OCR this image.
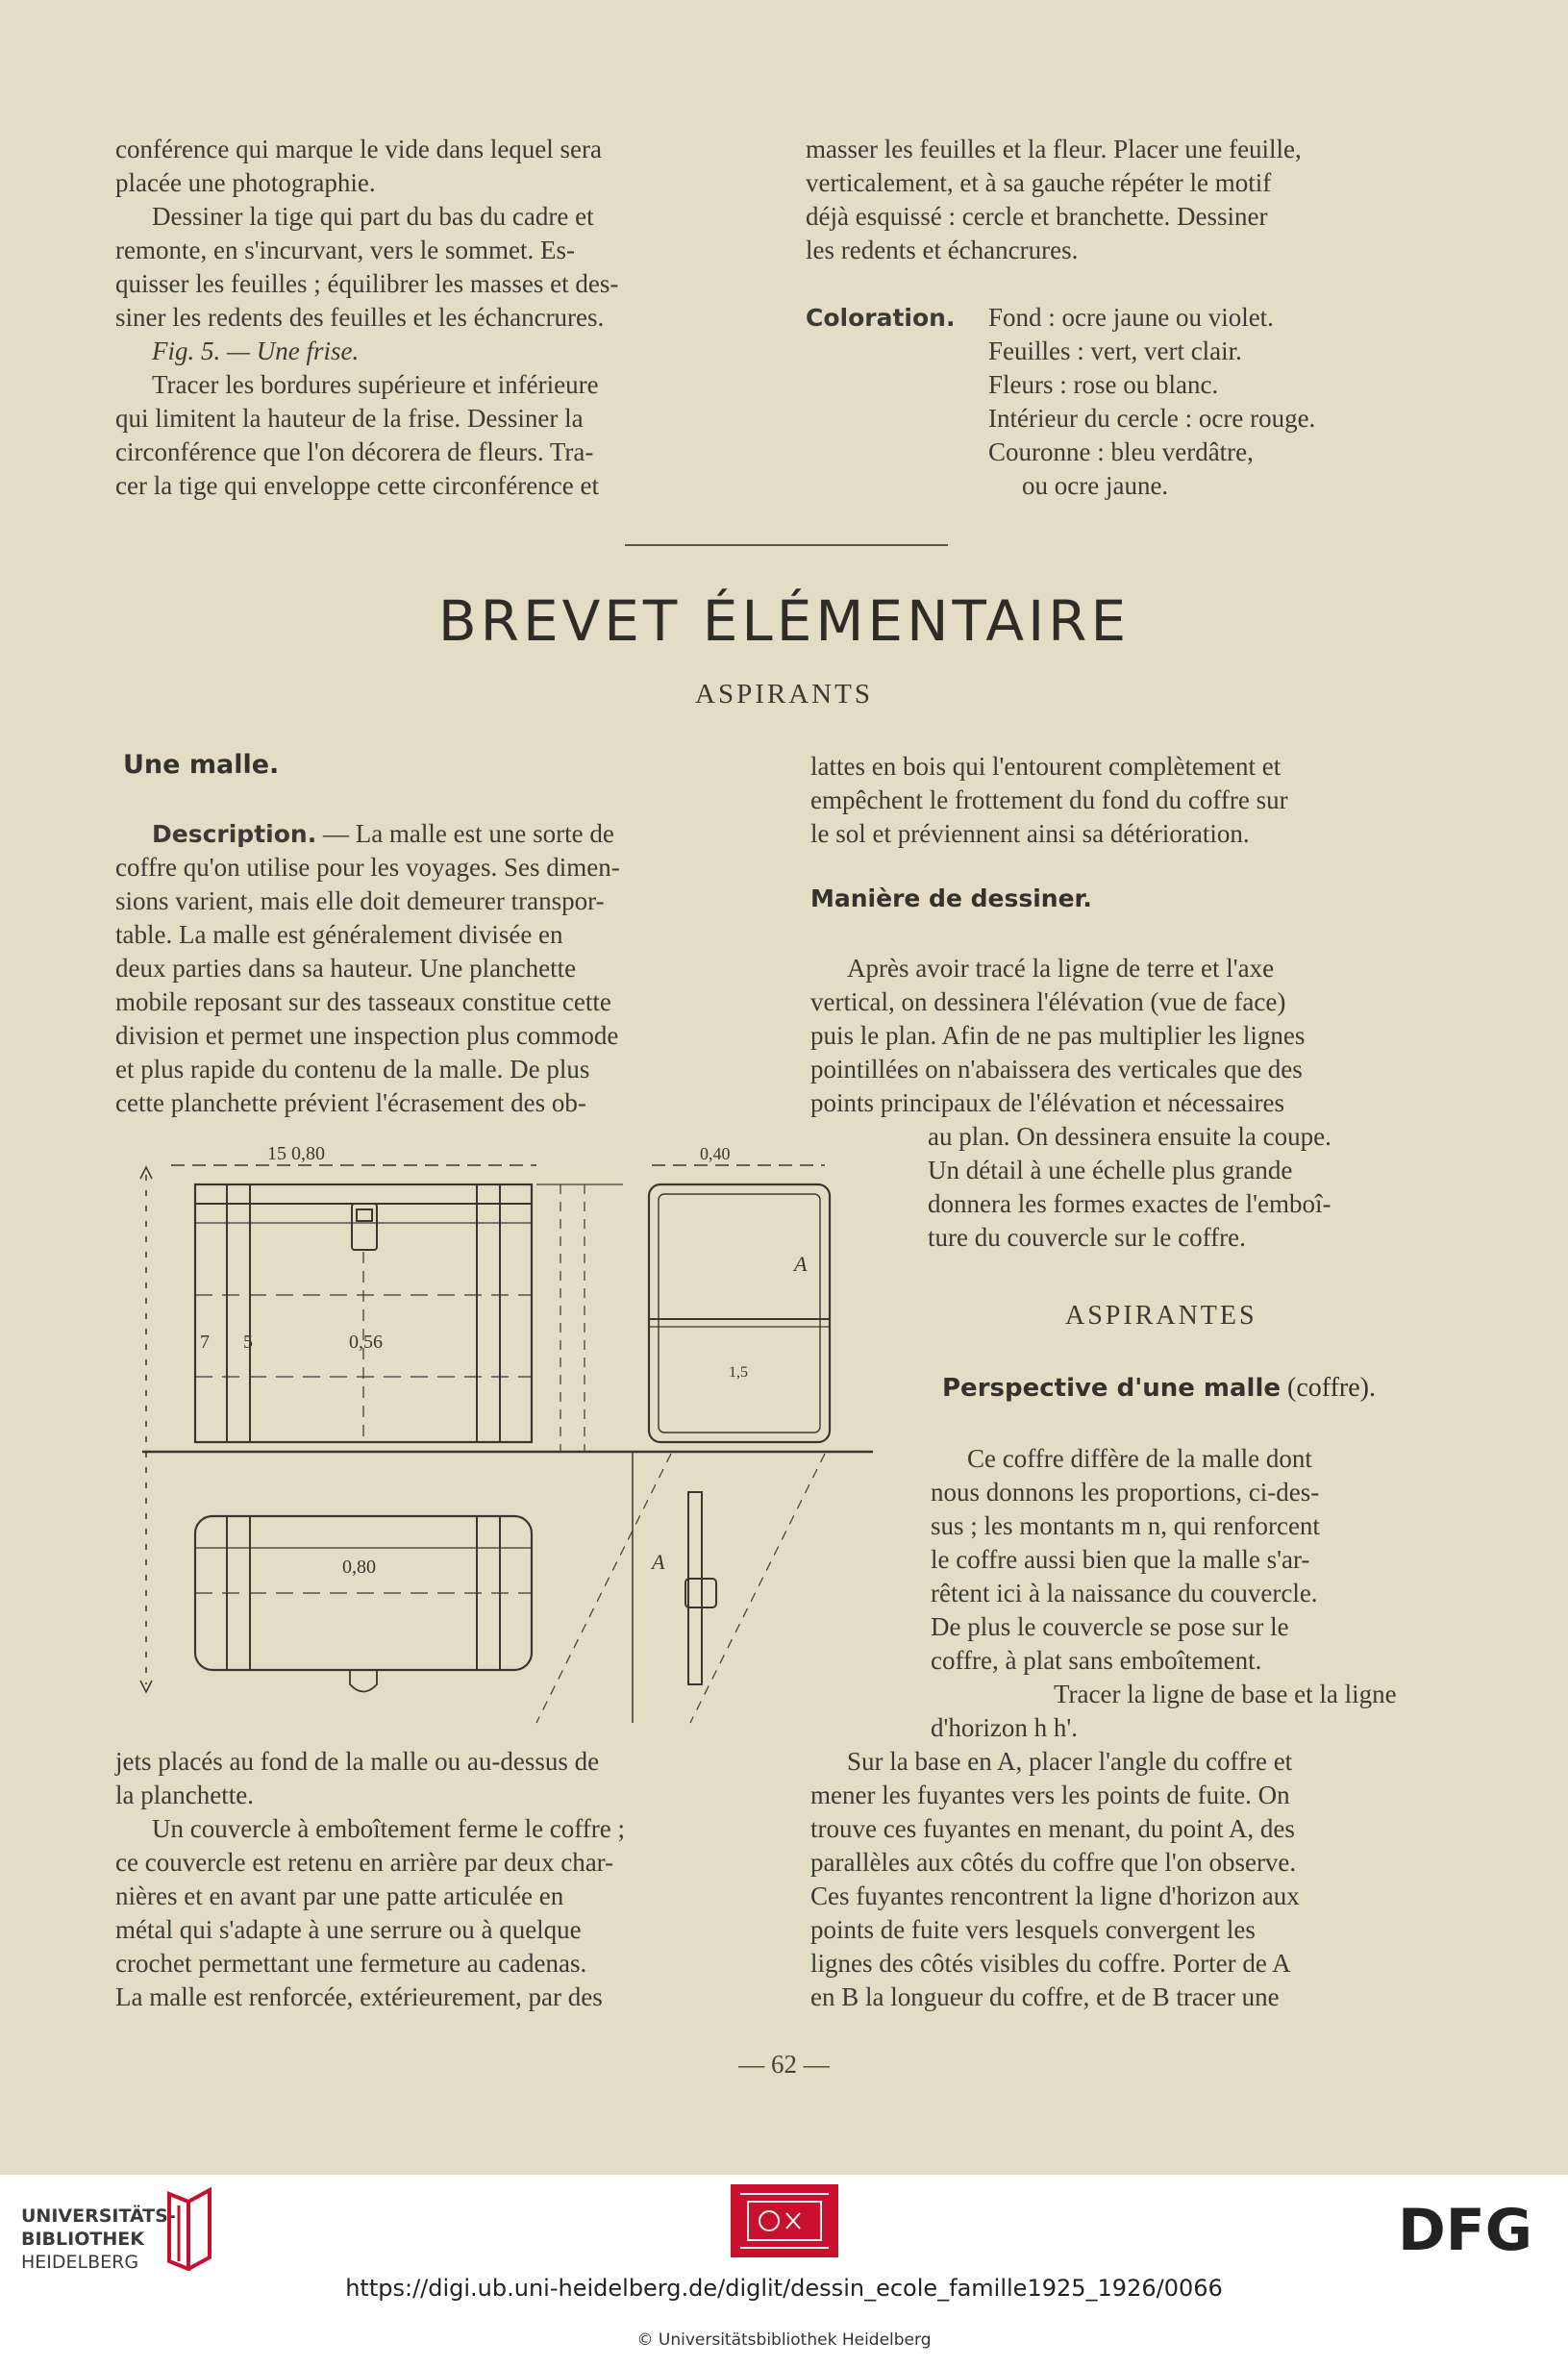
conférence qui marque le vide dans lequel sera

placée une photographie.

Dessiner la tige qui part du bas du cadre et

remonte, en s'incurvant, vers le sommet. Es-

quisser les feuilles ; équilibrer les masses et des-

siner les redents des feuilles et les échancrures.

Fig. 5. — Une frise.

Tracer les bordures supérieure et inférieure

qui limitent la hauteur de la frise. Dessiner la

circonférence que l'on décorera de fleurs. Tra-

cer la tige qui enveloppe cette circonférence et

masser les feuilles et la fleur. Placer une feuille,

verticalement, et à sa gauche répéter le motif

déjà esquissé : cercle et branchette. Dessiner

les redents et échancrures.

Coloration. Fond : ocre jaune ou violet.
Feuilles : vert, vert clair.
Fleurs : rose ou blanc.
Intérieur du cercle : ocre rouge.
Couronne : bleu verdâtre,
ou ocre jaune.
BREVET ÉLÉMENTAIRE
ASPIRANTS
Une malle.

Description. — La malle est une sorte de

coffre qu'on utilise pour les voyages. Ses dimen-

sions varient, mais elle doit demeurer transpor-

table. La malle est généralement divisée en

deux parties dans sa hauteur. Une planchette

mobile reposant sur des tasseaux constitue cette

division et permet une inspection plus commode

et plus rapide du contenu de la malle. De plus

cette planchette prévient l'écrasement des ob-

lattes en bois qui l'entourent complètement et

empêchent le frottement du fond du coffre sur

le sol et préviennent ainsi sa détérioration.

Manière de dessiner.

Après avoir tracé la ligne de terre et l'axe

vertical, on dessinera l'élévation (vue de face)

puis le plan. Afin de ne pas multiplier les lignes

pointillées on n'abaissera des verticales que des

points principaux de l'élévation et nécessaires

au plan. On dessinera ensuite la coupe.

Un détail à une échelle plus grande

donnera les formes exactes de l'emboî-

ture du couvercle sur le coffre.

ASPIRANTES
Perspective d'une malle (coffre).

Ce coffre diffère de la malle dont

nous donnons les proportions, ci-des-

sus ; les montants m n, qui renforcent

le coffre aussi bien que la malle s'ar-

rêtent ici à la naissance du couvercle.

De plus le couvercle se pose sur le

coffre, à plat sans emboîtement.

Tracer la ligne de base et la ligne

d'horizon h h'.

Sur la base en A, placer l'angle du coffre et

mener les fuyantes vers les points de fuite. On

trouve ces fuyantes en menant, du point A, des

parallèles aux côtés du coffre que l'on observe.

Ces fuyantes rencontrent la ligne d'horizon aux

points de fuite vers lesquels convergent les

lignes des côtés visibles du coffre. Porter de A

en B la longueur du coffre, et de B tracer une

jets placés au fond de la malle ou au-dessus de

la planchette.

Un couvercle à emboîtement ferme le coffre ;

ce couvercle est retenu en arrière par deux char-

nières et en avant par une patte articulée en

métal qui s'adapte à une serrure ou à quelque

crochet permettant une fermeture au cadenas.

La malle est renforcée, extérieurement, par des

15 0,80	0,40
7 5	0,56
A
1,5
0,80	A
— 62 —
UNIVERSITÄTS-
BIBLIOTHEK
HEIDELBERG	DFG
https://digi.ub.uni-heidelberg.de/diglit/dessin_ecole_famille1925_1926/0066
© Universitätsbibliothek Heidelberg
